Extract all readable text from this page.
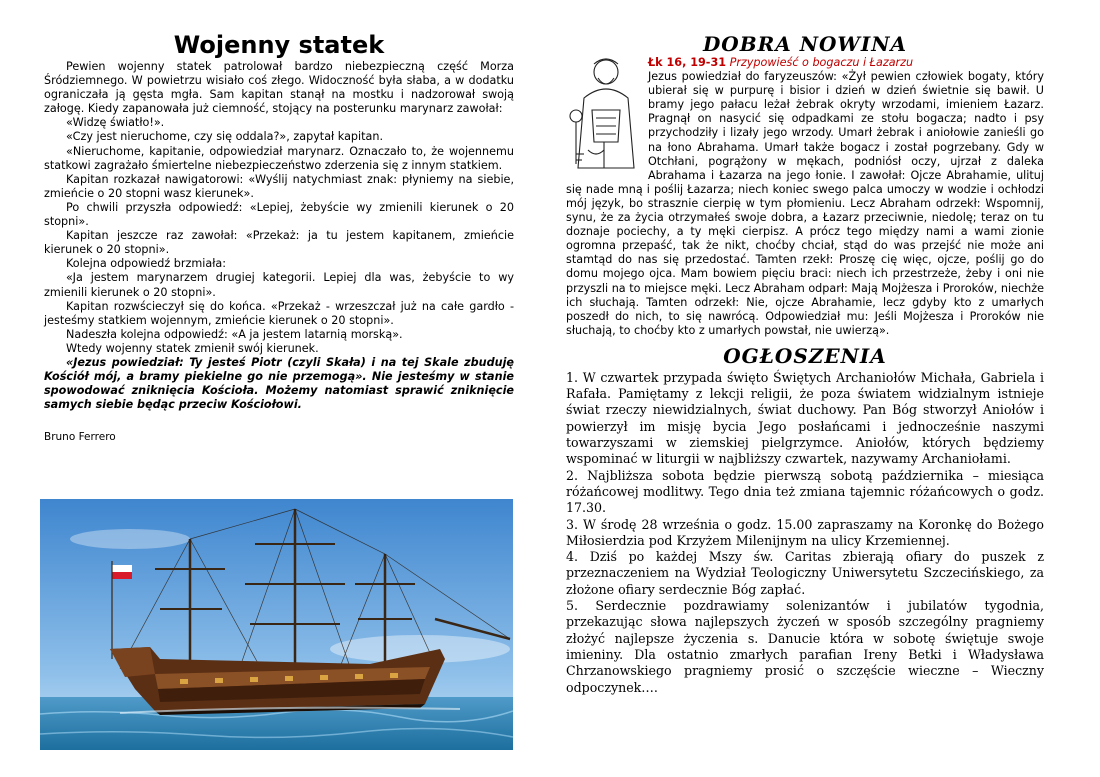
Wojenny statek

Pewien wojenny statek patrolował bardzo niebezpieczną część Morza Śródziemnego. W powietrzu wisiało coś złego. Widoczność była słaba, a w dodatku ograniczała ją gęsta mgła. Sam kapitan stanął na mostku i nadzorował swoją załogę. Kiedy zapanowała już ciemność, stojący na posterunku marynarz zawołał:

«Widzę światło!».

«Czy jest nieruchome, czy się oddala?», zapytał kapitan.

«Nieruchome, kapitanie, odpowiedział marynarz. Oznaczało to, że wojennemu statkowi zagrażało śmiertelne niebezpieczeństwo zderzenia się z innym statkiem.

Kapitan rozkazał nawigatorowi: «Wyślij natychmiast znak: płyniemy na siebie, zmieńcie o 20 stopni wasz kierunek».

Po chwili przyszła odpowiedź: «Lepiej, żebyście wy zmienili kierunek o 20 stopni».

Kapitan jeszcze raz zawołał: «Przekaż: ja tu jestem kapitanem, zmieńcie kierunek o 20 stopni».

Kolejna odpowiedź brzmiała:

«Ja jestem marynarzem drugiej kategorii. Lepiej dla was, żebyście to wy zmienili kierunek o 20 stopni».

Kapitan rozwścieczył się do końca. «Przekaż - wrzeszczał już na całe gardło - jesteśmy statkiem wojennym, zmieńcie kierunek o 20 stopni».

Nadeszła kolejna odpowiedź: «A ja jestem latarnią morską».

Wtedy wojenny statek zmienił swój kierunek.

«Jezus powiedział: Ty jesteś Piotr (czyli Skała) i na tej Skale zbuduję Kościół mój, a bramy piekielne go nie przemogą». Nie jesteśmy w stanie spowodować zniknięcia Kościoła. Możemy natomiast sprawić zniknięcie samych siebie będąc przeciw Kościołowi.

Bruno Ferrero

DOBRA NOWINA

Łk 16, 19-31 Przypowieść o bogaczu i Łazarzu
Jezus powiedział do faryzeuszów: «Żył pewien człowiek bogaty, który ubierał się w purpurę i bisior i dzień w dzień świetnie się bawił. U bramy jego pałacu leżał żebrak okryty wrzodami, imieniem Łazarz. Pragnął on nasycić się odpadkami ze stołu bogacza; nadto i psy przychodziły i lizały jego wrzody. Umarł żebrak i aniołowie zanieśli go na łono Abrahama. Umarł także bogacz i został pogrzebany. Gdy w Otchłani, pogrążony w mękach, podniósł oczy, ujrzał z daleka Abrahama i Łazarza na jego łonie. I zawołał: Ojcze Abrahamie, ulituj się nade mną i poślij Łazarza; niech koniec swego palca umoczy w wodzie i ochłodzi mój język, bo strasznie cierpię w tym płomieniu. Lecz Abraham odrzekł: Wspomnij, synu, że za życia otrzymałeś swoje dobra, a Łazarz przeciwnie, niedolę; teraz on tu doznaje pociechy, a ty męki cierpisz. A prócz tego między nami a wami zionie ogromna przepaść, tak że nikt, choćby chciał, stąd do was przejść nie może ani stamtąd do nas się przedostać. Tamten rzekł: Proszę cię więc, ojcze, poślij go do domu mojego ojca. Mam bowiem pięciu braci: niech ich przestrzeże, żeby i oni nie przyszli na to miejsce męki. Lecz Abraham odparł: Mają Mojżesza i Proroków, niechże ich słuchają. Tamten odrzekł: Nie, ojcze Abrahamie, lecz gdyby kto z umarłych poszedł do nich, to się nawrócą. Odpowiedział mu: Jeśli Mojżesza i Proroków nie słuchają, to choćby kto z umarłych powstał, nie uwierzą».

OGŁOSZENIA

1. W czwartek przypada święto Świętych Archaniołów Michała, Gabriela i Rafała. Pamiętamy z lekcji religii, że poza światem widzialnym istnieje świat rzeczy niewidzialnych, świat duchowy. Pan Bóg stworzył Aniołów i powierzył im misję bycia Jego posłańcami i jednocześnie naszymi towarzyszami w ziemskiej pielgrzymce. Aniołów, których będziemy wspominać w liturgii w najbliższy czwartek, nazywamy Archaniołami.

2. Najbliższa sobota będzie pierwszą sobotą października – miesiąca różańcowej modlitwy. Tego dnia też zmiana tajemnic różańcowych o godz. 17.30.

3. W środę 28 września o godz. 15.00 zapraszamy na Koronkę do Bożego Miłosierdzia pod Krzyżem Milenijnym na ulicy Krzemiennej.

4. Dziś po każdej Mszy św. Caritas zbierają ofiary do puszek z przeznaczeniem na Wydział Teologiczny Uniwersytetu Szczecińskiego, za złożone ofiary serdecznie Bóg zapłać.

5. Serdecznie pozdrawiamy solenizantów i jubilatów tygodnia, przekazując słowa najlepszych życzeń w sposób szczególny pragniemy złożyć najlepsze życzenia s. Danucie która w sobotę świętuje swoje imieniny. Dla ostatnio zmarłych parafian Ireny Betki i Władysława Chrzanowskiego pragniemy prosić o szczęście wieczne – Wieczny odpoczynek….
